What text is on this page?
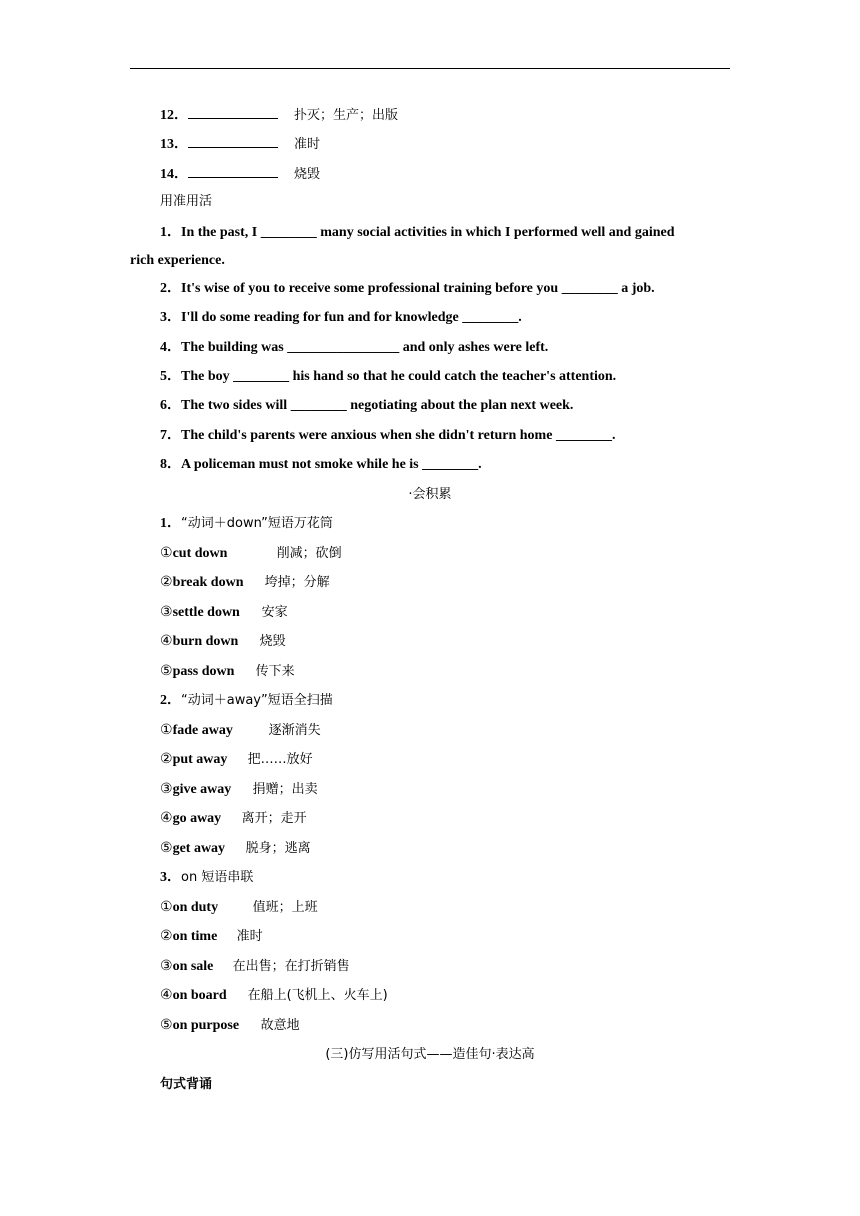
12．	扑灭；生产；出版
13．	准时
14．	烧毁
用准用活
1．In the past, I ________ many social activities in which I performed well and gained
rich experience.
2．It's wise of you to receive some professional training before you ________ a job.
3．I'll do some reading for fun and for knowledge ________.
4．The building was ________________ and only ashes were left.
5．The boy ________ his hand so that he could catch the teacher's attention.
6．The two sides will ________ negotiating about the plan next week.
7．The child's parents were anxious when she didn't return home ________.
8．A policeman must not smoke while he is ________.
·会积累
1．“动词＋down”短语万花筒
①cut down	削减；砍倒
②break down 垮掉；分解
③settle down 安家
④burn down 烧毁
⑤pass down 传下来
2．“动词＋away”短语全扫描
①fade away	逐渐消失
②put away 把……放好
③give away 捐赠；出卖
④go away 离开；走开
⑤get away 脱身；逃离
3．on 短语串联
①on duty	值班；上班
②on time 准时
③on sale 在出售；在打折销售
④on board 在船上(飞机上、火车上)
⑤on purpose 故意地
(三)仿写用活句式——造佳句·表达高
句式背诵
